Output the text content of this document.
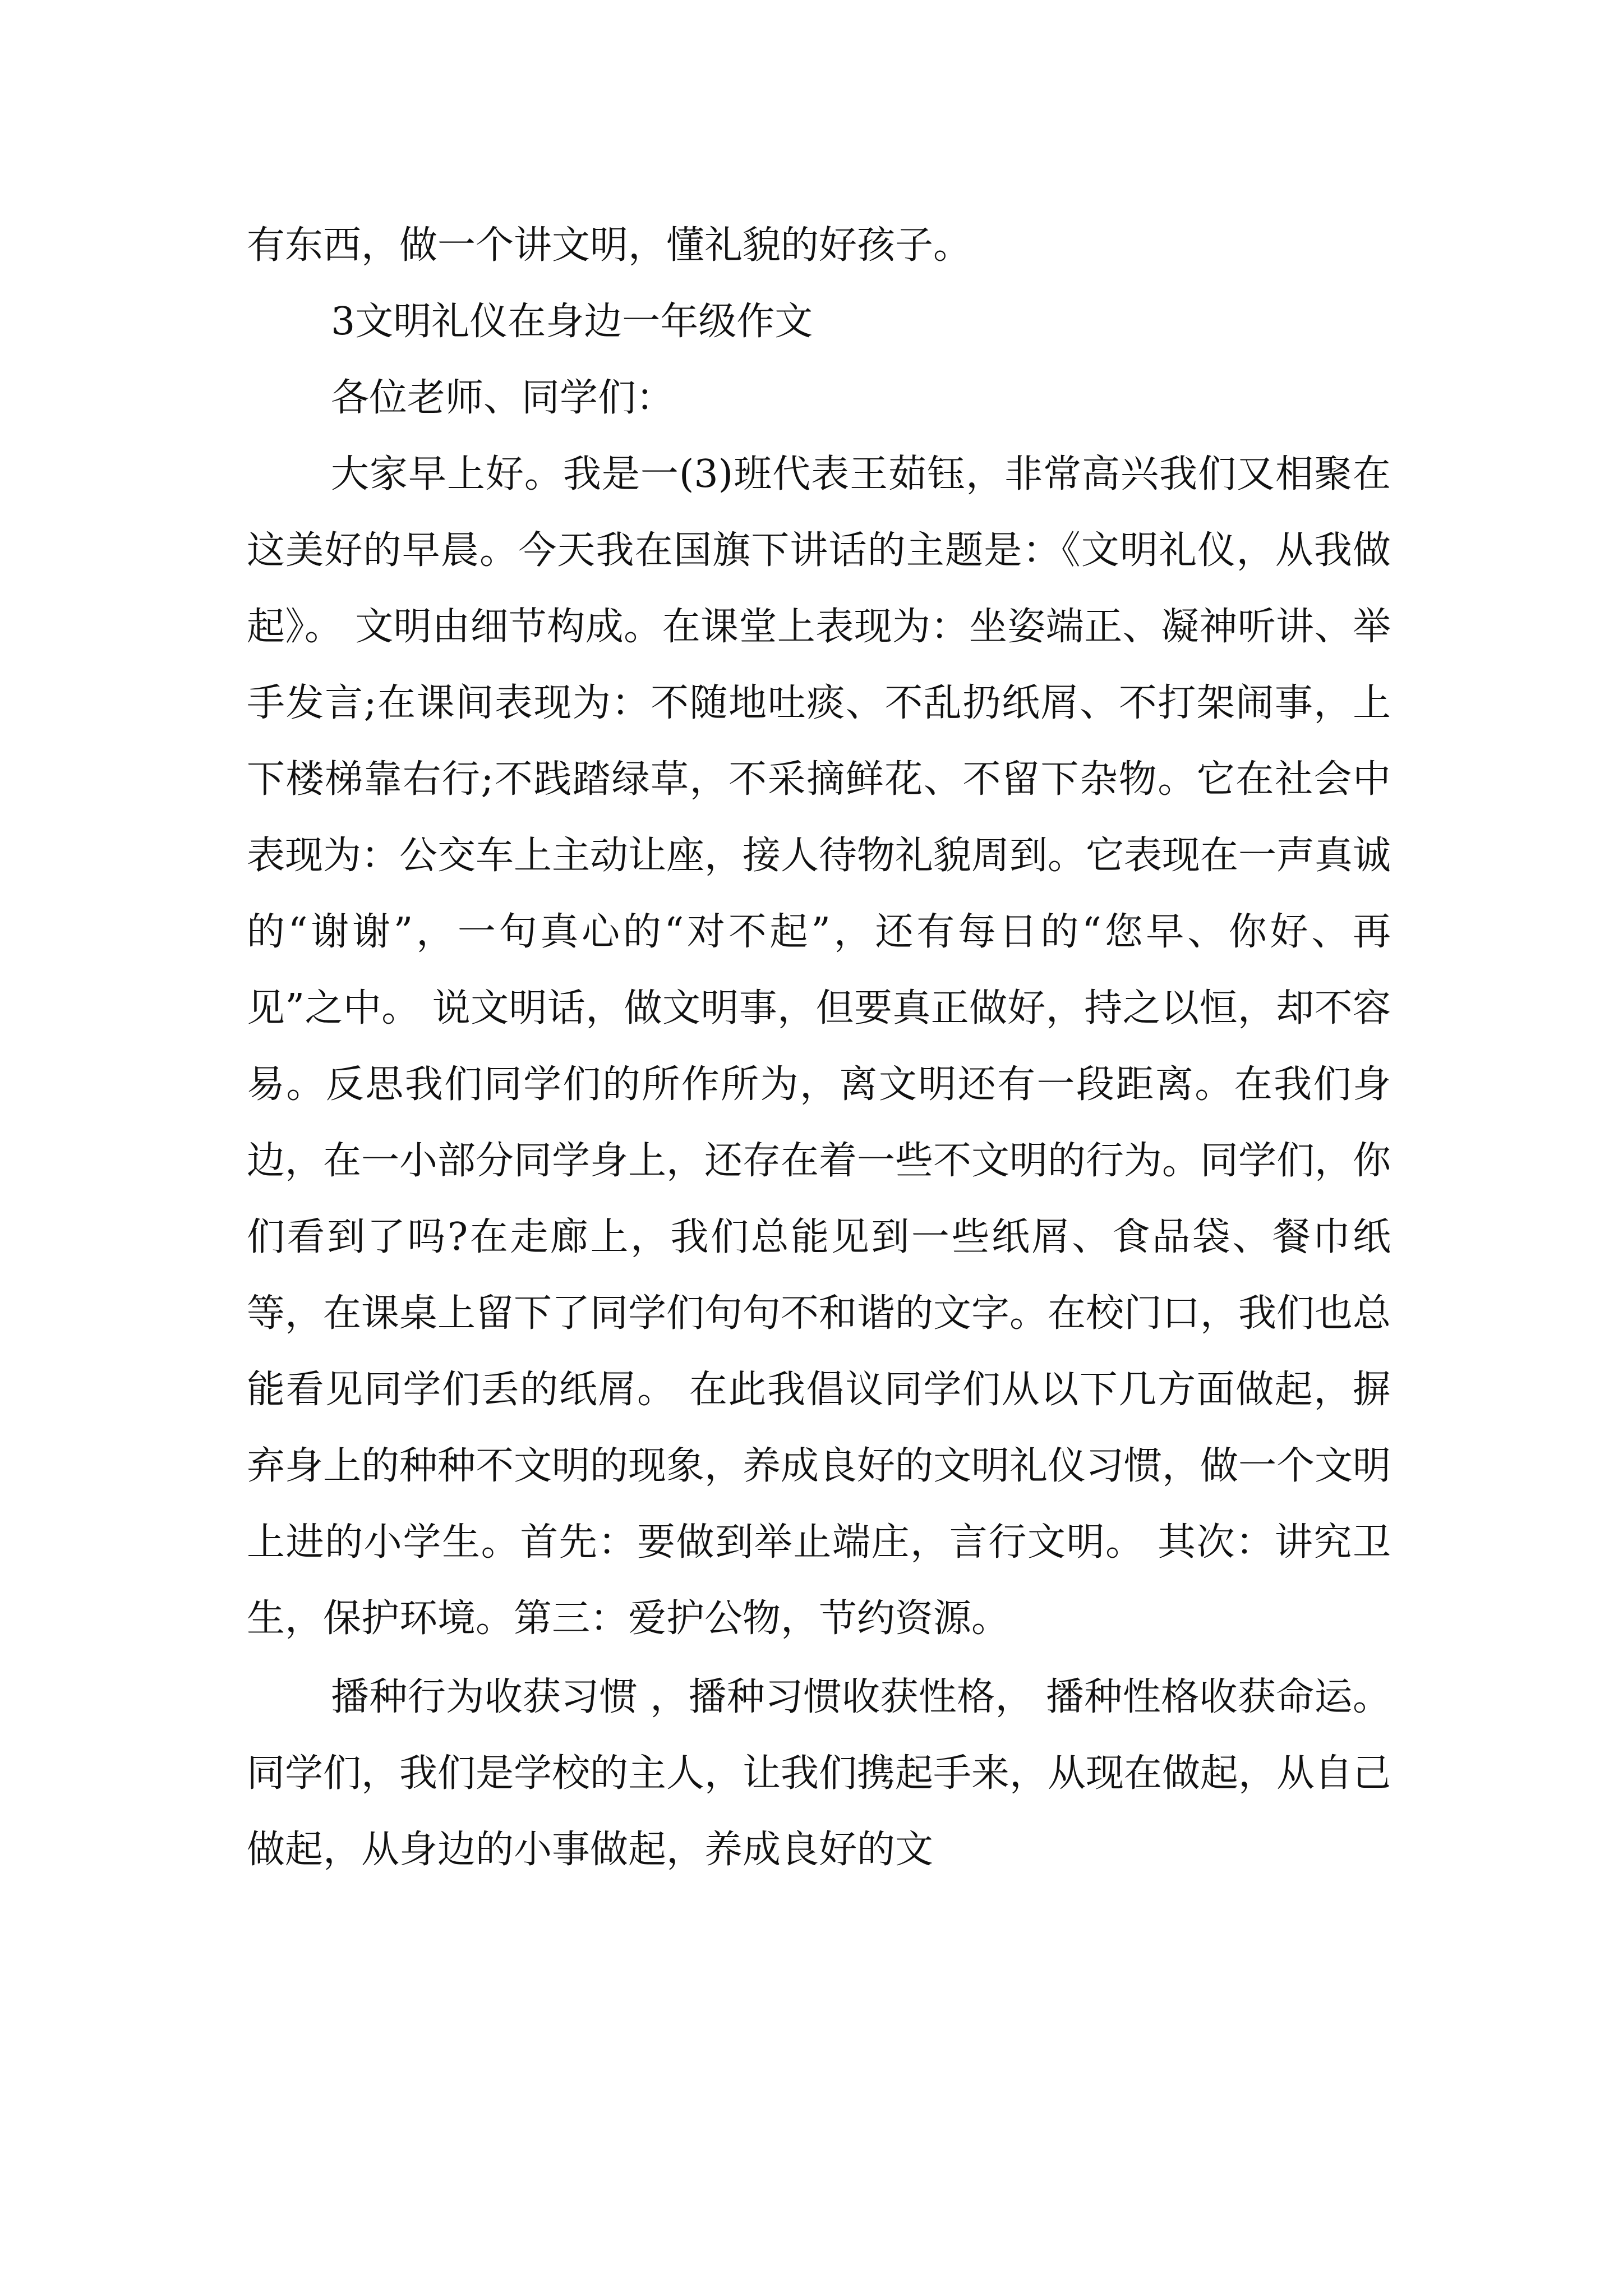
有东西，做一个讲文明，懂礼貌的好孩子。

3文明礼仪在身边一年级作文

各位老师、同学们：

大家早上好。我是一(3)班代表王茹钰，非常高兴我们又相聚在这美好的早晨。今天我在国旗下讲话的主题是：《文明礼仪，从我做起》。 文明由细节构成。在课堂上表现为：坐姿端正、凝神听讲、举手发言;在课间表现为：不随地吐痰、不乱扔纸屑、不打架闹事，上下楼梯靠右行;不践踏绿草，不采摘鲜花、不留下杂物。它在社会中表现为：公交车上主动让座，接人待物礼貌周到。它表现在一声真诚的“谢谢”，一句真心的“对不起”，还有每日的“您早、你好、再见”之中。 说文明话，做文明事，但要真正做好，持之以恒，却不容易。反思我们同学们的所作所为，离文明还有一段距离。在我们身边，在一小部分同学身上，还存在着一些不文明的行为。同学们，你们看到了吗?在走廊上，我们总能见到一些纸屑、食品袋、餐巾纸等，在课桌上留下了同学们句句不和谐的文字。在校门口，我们也总能看见同学们丢的纸屑。 在此我倡议同学们从以下几方面做起，摒弃身上的种种不文明的现象，养成良好的文明礼仪习惯，做一个文明上进的小学生。首先：要做到举止端庄，言行文明。 其次：讲究卫生，保护环境。第三：爱护公物，节约资源。

播种行为收获习惯 ，播种习惯收获性格， 播种性格收获命运。同学们，我们是学校的主人，让我们携起手来，从现在做起，从自己做起，从身边的小事做起，养成良好的文
